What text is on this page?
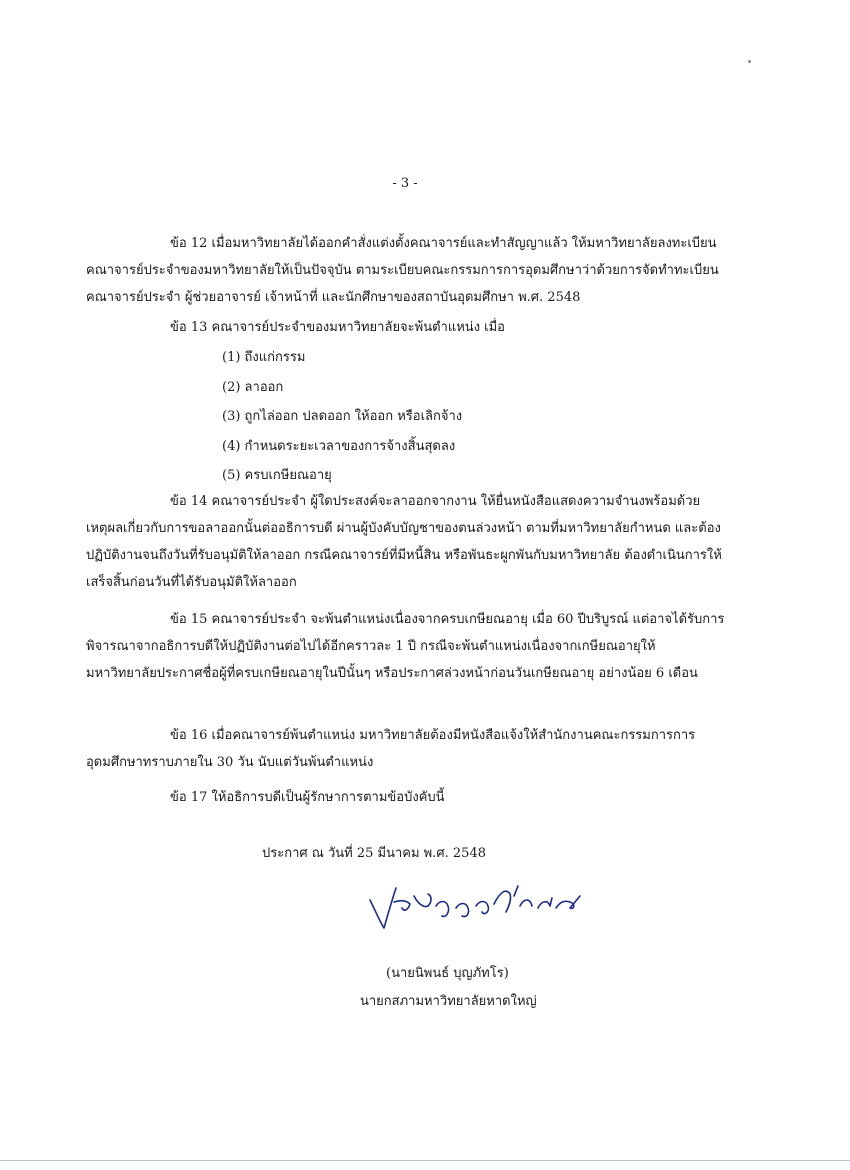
- 3 -

ข้อ 12 เมื่อมหาวิทยาลัยได้ออกคำสั่งแต่งตั้งคณาจารย์และทำสัญญาแล้ว ให้มหาวิทยาลัยลงทะเบียนคณาจารย์ประจำของมหาวิทยาลัยให้เป็นปัจจุบัน ตามระเบียบคณะกรรมการการอุดมศึกษาว่าด้วยการจัดทำทะเบียนคณาจารย์ประจำ ผู้ช่วยอาจารย์ เจ้าหน้าที่ และนักศึกษาของสถาบันอุดมศึกษา พ.ศ. 2548

ข้อ 13 คณาจารย์ประจำของมหาวิทยาลัยจะพ้นตำแหน่ง เมื่อ

(1) ถึงแก่กรรม

(2) ลาออก

(3) ถูกไล่ออก ปลดออก ให้ออก หรือเลิกจ้าง

(4) กำหนดระยะเวลาของการจ้างสิ้นสุดลง

(5) ครบเกษียณอายุ

ข้อ 14 คณาจารย์ประจำ ผู้ใดประสงค์จะลาออกจากงาน ให้ยื่นหนังสือแสดงความจำนงพร้อมด้วยเหตุผลเกี่ยวกับการขอลาออกนั้นต่ออธิการบดี ผ่านผู้บังคับบัญชาของตนล่วงหน้า ตามที่มหาวิทยาลัยกำหนด และต้องปฏิบัติงานจนถึงวันที่รับอนุมัติให้ลาออก กรณีคณาจารย์ที่มีหนี้สิน หรือพันธะผูกพันกับมหาวิทยาลัย ต้องดำเนินการให้เสร็จสิ้นก่อนวันที่ได้รับอนุมัติให้ลาออก

ข้อ 15 คณาจารย์ประจำ จะพ้นตำแหน่งเนื่องจากครบเกษียณอายุ เมื่อ 60 ปีบริบูรณ์ แต่อาจได้รับการพิจารณาจากอธิการบดีให้ปฏิบัติงานต่อไปได้อีกคราวละ 1 ปี กรณีจะพ้นตำแหน่งเนื่องจากเกษียณอายุให้มหาวิทยาลัยประกาศชื่อผู้ที่ครบเกษียณอายุในปีนั้นๆ หรือประกาศล่วงหน้าก่อนวันเกษียณอายุ อย่างน้อย 6 เดือน

ข้อ 16 เมื่อคณาจารย์พ้นตำแหน่ง มหาวิทยาลัยต้องมีหนังสือแจ้งให้สำนักงานคณะกรรมการการอุดมศึกษาทราบภายใน 30 วัน นับแต่วันพ้นตำแหน่ง

ข้อ 17 ให้อธิการบดีเป็นผู้รักษาการตามข้อบังคับนี้

ประกาศ ณ วันที่ 25 มีนาคม พ.ศ. 2548

(นายนิพนธ์ บุญภัทโร)

นายกสภามหาวิทยาลัยหาดใหญ่
